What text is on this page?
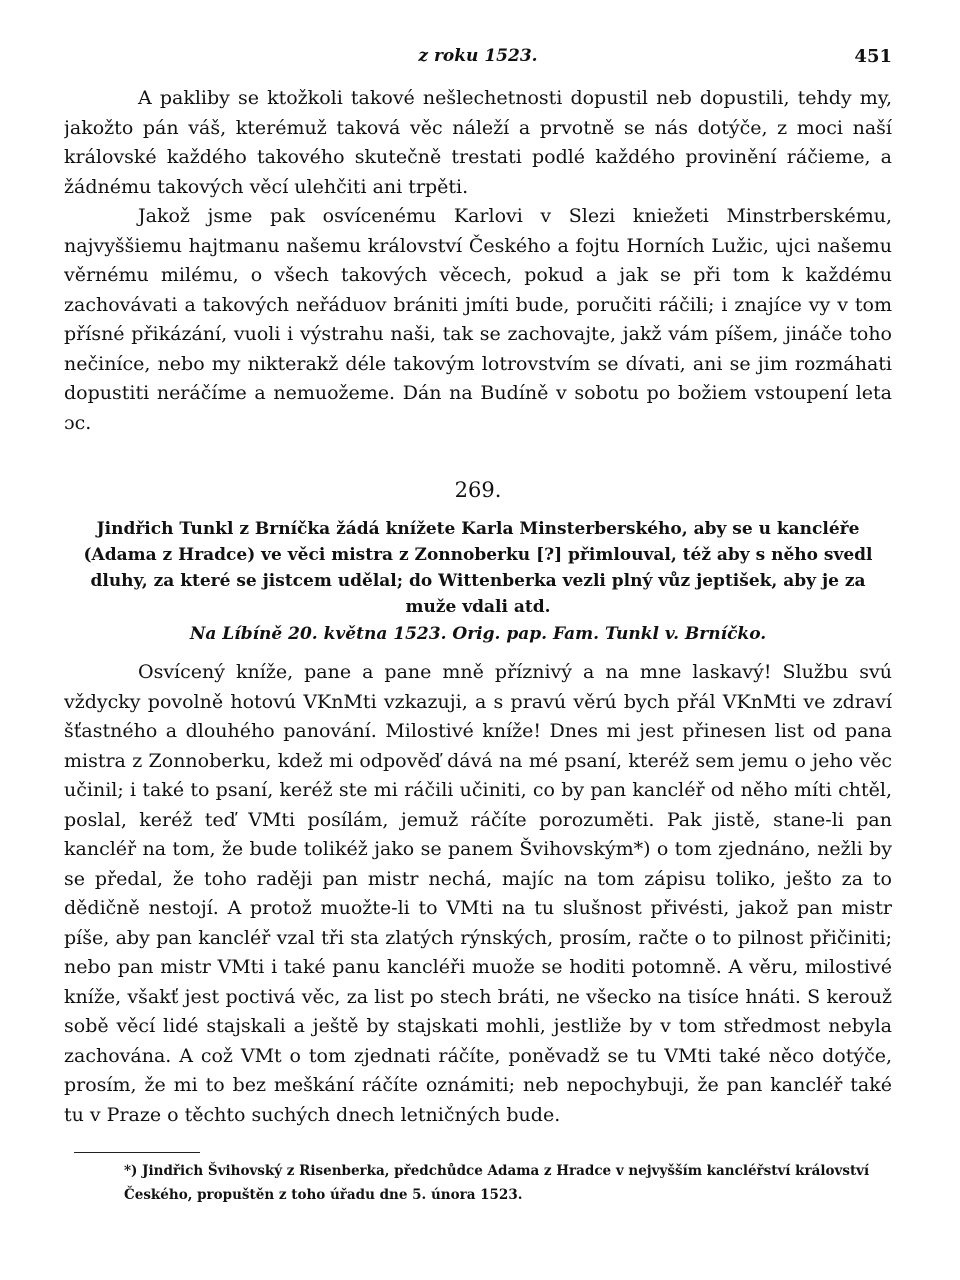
z roku 1523.	451

A pakliby se ktožkoli takové nešlechetnosti dopustil neb dopustili, tehdy my, jakožto pán váš, kterémuž taková věc náleží a prvotně se nás dotýče, z moci naší královské každého takového skutečně trestati podlé každého provinění ráčieme, a žádnému takových věcí ulehčiti ani trpěti.

Jakož jsme pak osvícenému Karlovi v Slezi kniežeti Minstrberskému, najvyššiemu hajtmanu našemu království Českého a fojtu Horních Lužic, ujci našemu věrnému milému, o všech takových věcech, pokud a jak se při tom k každému zachovávati a takových neřáduov brániti jmíti bude, poručiti ráčili; i znajíce vy v tom přísné přikázání, vuoli i výstrahu naši, tak se zachovajte, jakž vám píšem, jináče toho nečiníce, nebo my nikterakž déle takovým lotrovstvím se dívati, ani se jim rozmáhati dopustiti neráčíme a nemuožeme. Dán na Budíně v sobotu po božiem vstoupení leta ɔc.

269.

Jindřich Tunkl z Brníčka žádá knížete Karla Minsterberského, aby se u kancléře (Adama z Hradce) ve věci mistra z Zonnoberku [?] přimlouval, též aby s něho svedl dluhy, za které se jistcem udělal; do Wittenberka vezli plný vůz jeptišek, aby je za muže vdali atd.

Na Líbíně 20. května 1523. Orig. pap. Fam. Tunkl v. Brníčko.

Osvícený kníže, pane a pane mně příznivý a na mne laskavý! Službu svú vždycky povolně hotovú VKnMti vzkazuji, a s pravú věrú bych přál VKnMti ve zdraví šťastného a dlouhého panování. Milostivé kníže! Dnes mi jest přinesen list od pana mistra z Zonnoberku, kdež mi odpověď dává na mé psaní, kteréž sem jemu o jeho věc učinil; i také to psaní, keréž ste mi ráčili učiniti, co by pan kancléř od něho míti chtěl, poslal, keréž teď VMti posílám, jemuž ráčíte porozuměti. Pak jistě, stane-li pan kancléř na tom, že bude tolikéž jako se panem Švihovským*) o tom zjednáno, nežli by se předal, že toho raději pan mistr nechá, majíc na tom zápisu toliko, ješto za to dědičně nestojí. A protož muožte-li to VMti na tu slušnost přivésti, jakož pan mistr píše, aby pan kancléř vzal tři sta zlatých rýnských, prosím, račte o to pilnost přičiniti; nebo pan mistr VMti i také panu kancléři muože se hoditi potomně. A věru, milostivé kníže, všakť jest poctivá věc, za list po stech bráti, ne všecko na tisíce hnáti. S kerouž sobě věcí lidé stajskali a ještě by stajskati mohli, jestliže by v tom středmost nebyla zachována. A což VMt o tom zjednati ráčíte, poněvadž se tu VMti také něco dotýče, prosím, že mi to bez meškání ráčíte oznámiti; neb nepochybuji, že pan kancléř také tu v Praze o těchto suchých dnech letničných bude.

*) Jindřich Švihovský z Risenberka, předchůdce Adama z Hradce v nejvyšším kancléřství království Českého, propuštěn z toho úřadu dne 5. února 1523.
